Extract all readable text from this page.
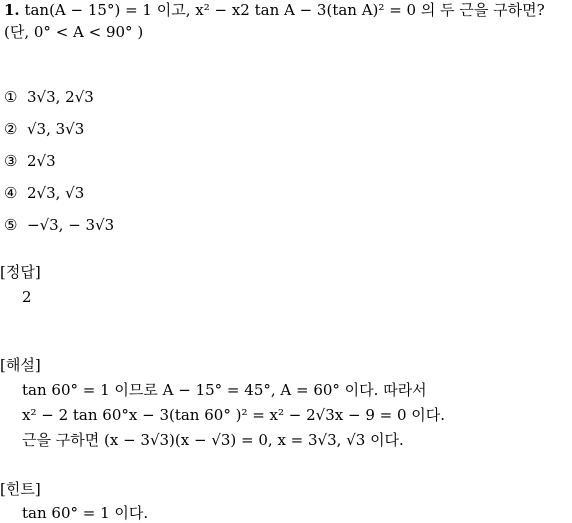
1. tan(A − 15°) = 1 이고, x² − x2 tan A − 3(tan A)² = 0 의 두 근을 구하면?
(단, 0° < A < 90° )
① 3√3, 2√3
② √3, 3√3
③ 2√3
④ 2√3, √3
⑤ −√3, − 3√3
[정답]
2
[해설]
tan 60° = 1 이므로 A − 15° = 45°, A = 60° 이다. 따라서
x² − 2 tan 60°x − 3(tan 60° )² = x² − 2√3x − 9 = 0 이다.
근을 구하면 (x − 3√3)(x − √3) = 0, x = 3√3, √3 이다.
[힌트]
tan 60° = 1 이다.
